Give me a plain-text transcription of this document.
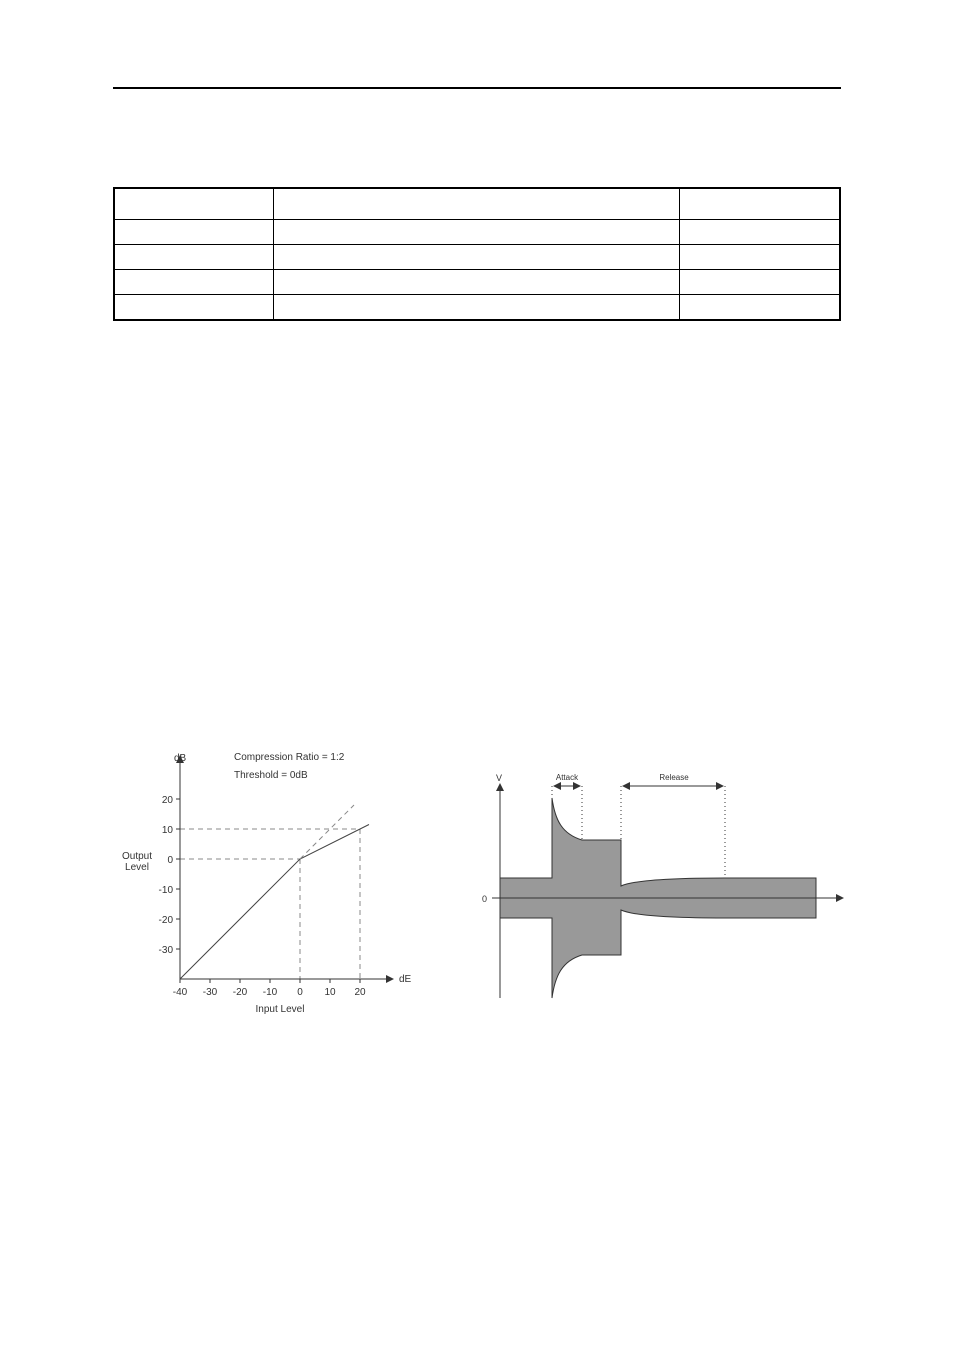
-40 -30 -20 -10 0 10 20
20
10
0
-10
-20
-30
dB
dE
Output
Level
Input Level
Compression Ratio = 1:2
Threshold = 0dB	Attack	Release
V
0
